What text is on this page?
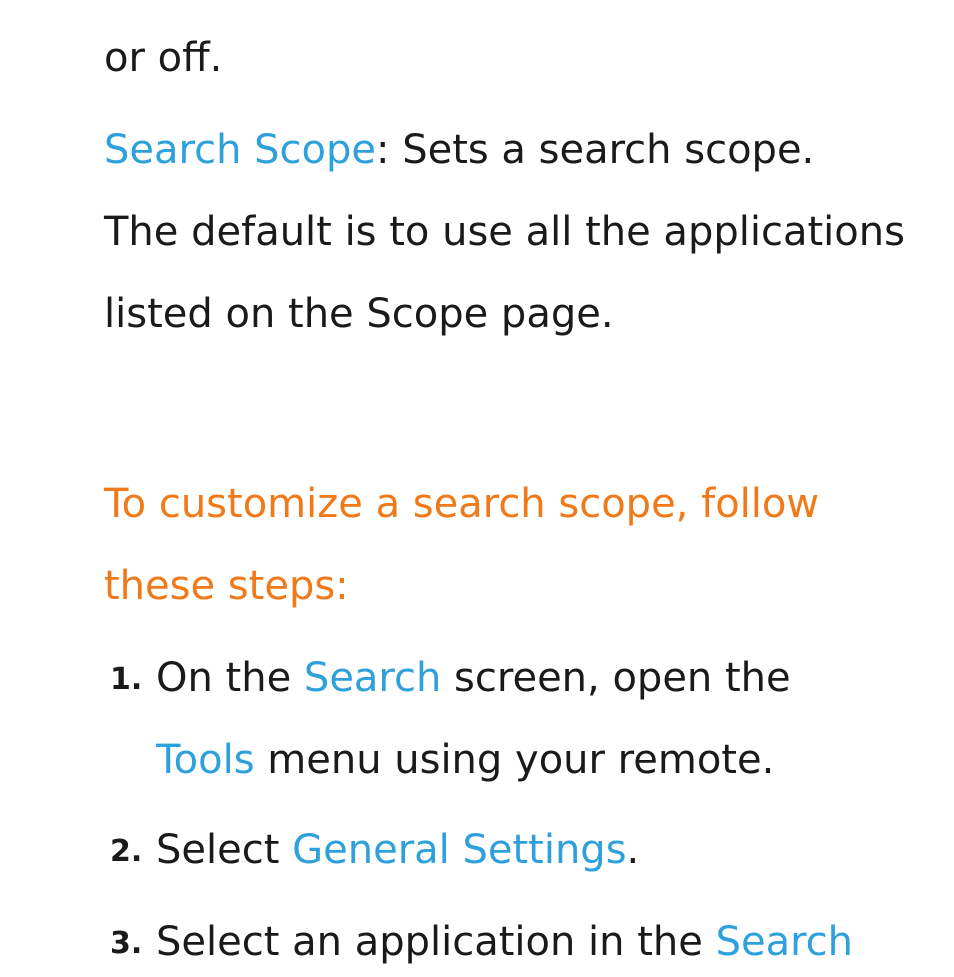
or off.
Search Scope: Sets a search scope.
The default is to use all the applications
listed on the Scope page.
To customize a search scope, follow
these steps:
1. On the Search screen, open the
Tools menu using your remote.
2. Select General Settings.
3. Select an application in the Search
